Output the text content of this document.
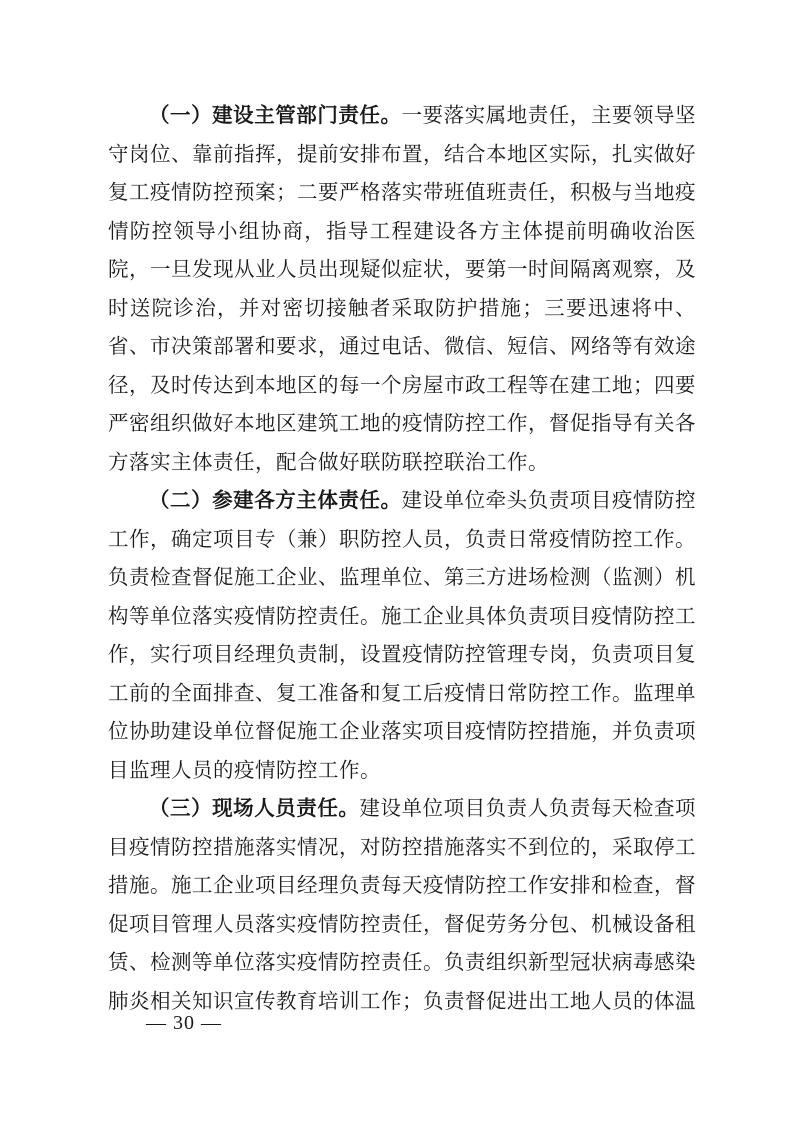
（一）建设主管部门责任。一要落实属地责任，主要领导坚守岗位、靠前指挥，提前安排布置，结合本地区实际，扎实做好复工疫情防控预案；二要严格落实带班值班责任，积极与当地疫情防控领导小组协商，指导工程建设各方主体提前明确收治医院，一旦发现从业人员出现疑似症状，要第一时间隔离观察，及时送院诊治，并对密切接触者采取防护措施；三要迅速将中、省、市决策部署和要求，通过电话、微信、短信、网络等有效途径，及时传达到本地区的每一个房屋市政工程等在建工地；四要严密组织做好本地区建筑工地的疫情防控工作，督促指导有关各方落实主体责任，配合做好联防联控联治工作。

（二）参建各方主体责任。建设单位牵头负责项目疫情防控工作，确定项目专（兼）职防控人员，负责日常疫情防控工作。负责检查督促施工企业、监理单位、第三方进场检测（监测）机构等单位落实疫情防控责任。施工企业具体负责项目疫情防控工作，实行项目经理负责制，设置疫情防控管理专岗，负责项目复工前的全面排查、复工准备和复工后疫情日常防控工作。监理单位协助建设单位督促施工企业落实项目疫情防控措施，并负责项目监理人员的疫情防控工作。

（三）现场人员责任。建设单位项目负责人负责每天检查项目疫情防控措施落实情况，对防控措施落实不到位的，采取停工措施。施工企业项目经理负责每天疫情防控工作安排和检查，督促项目管理人员落实疫情防控责任，督促劳务分包、机械设备租赁、检测等单位落实疫情防控责任。负责组织新型冠状病毒感染肺炎相关知识宣传教育培训工作；负责督促进出工地人员的体温

— 30 —
